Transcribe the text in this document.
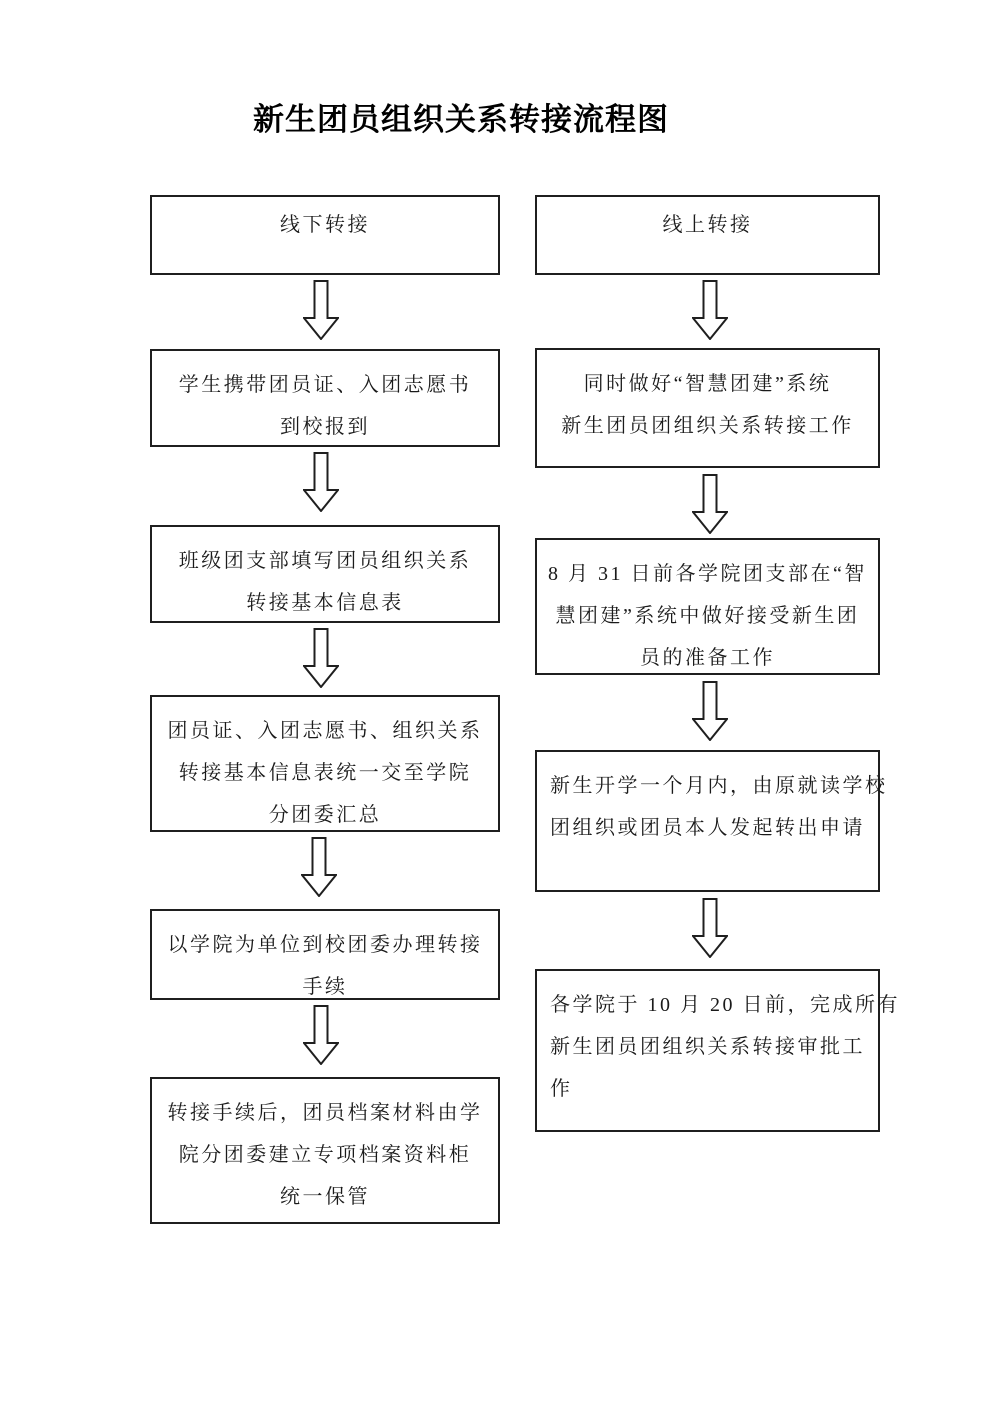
新生团员组织关系转接流程图
线下转接
学生携带团员证、入团志愿书
到校报到
班级团支部填写团员组织关系
转接基本信息表
团员证、入团志愿书、组织关系
转接基本信息表统一交至学院
分团委汇总
以学院为单位到校团委办理转接
手续
转接手续后，团员档案材料由学
院分团委建立专项档案资料柜
统一保管
线上转接
同时做好“智慧团建”系统
新生团员团组织关系转接工作
8 月 31 日前各学院团支部在“智
慧团建”系统中做好接受新生团
员的准备工作
新生开学一个月内，由原就读学校
团组织或团员本人发起转出申请
各学院于 10 月 20 日前，完成所有
新生团员团组织关系转接审批工
作
